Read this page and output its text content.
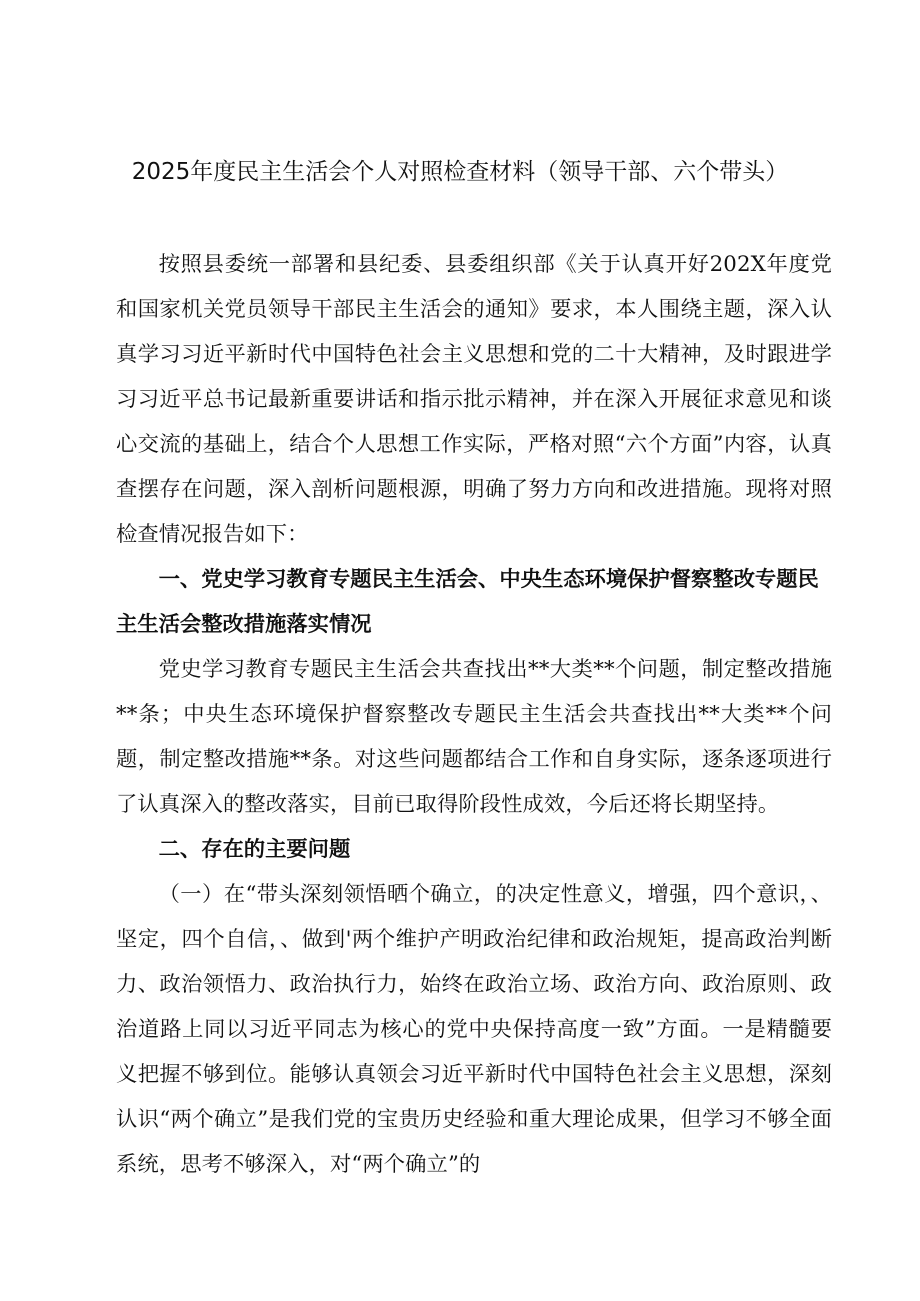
2025年度民主生活会个人对照检查材料（领导干部、六个带头）

按照县委统一部署和县纪委、县委组织部《关于认真开好202X年度党和国家机关党员领导干部民主生活会的通知》要求，本人围绕主题，深入认真学习习近平新时代中国特色社会主义思想和党的二十大精神，及时跟进学习习近平总书记最新重要讲话和指示批示精神，并在深入开展征求意见和谈心交流的基础上，结合个人思想工作实际，严格对照“六个方面”内容，认真查摆存在问题，深入剖析问题根源，明确了努力方向和改进措施。现将对照检查情况报告如下：

一、党史学习教育专题民主生活会、中央生态环境保护督察整改专题民主生活会整改措施落实情况

党史学习教育专题民主生活会共查找出**大类**个问题，制定整改措施**条；中央生态环境保护督察整改专题民主生活会共查找出**大类**个问题，制定整改措施**条。对这些问题都结合工作和自身实际，逐条逐项进行了认真深入的整改落实，目前已取得阶段性成效，今后还将长期坚持。

二、存在的主要问题

（一）在“带头深刻领悟晒个确立，的决定性意义，增强，四个意识，、坚定，四个自信，、做到'两个维护产明政治纪律和政治规矩，提高政治判断力、政治领悟力、政治执行力，始终在政治立场、政治方向、政治原则、政治道路上同以习近平同志为核心的党中央保持高度一致”方面。一是精髓要义把握不够到位。能够认真领会习近平新时代中国特色社会主义思想，深刻认识“两个确立”是我们党的宝贵历史经验和重大理论成果，但学习不够全面系统，思考不够深入，对“两个确立”的
